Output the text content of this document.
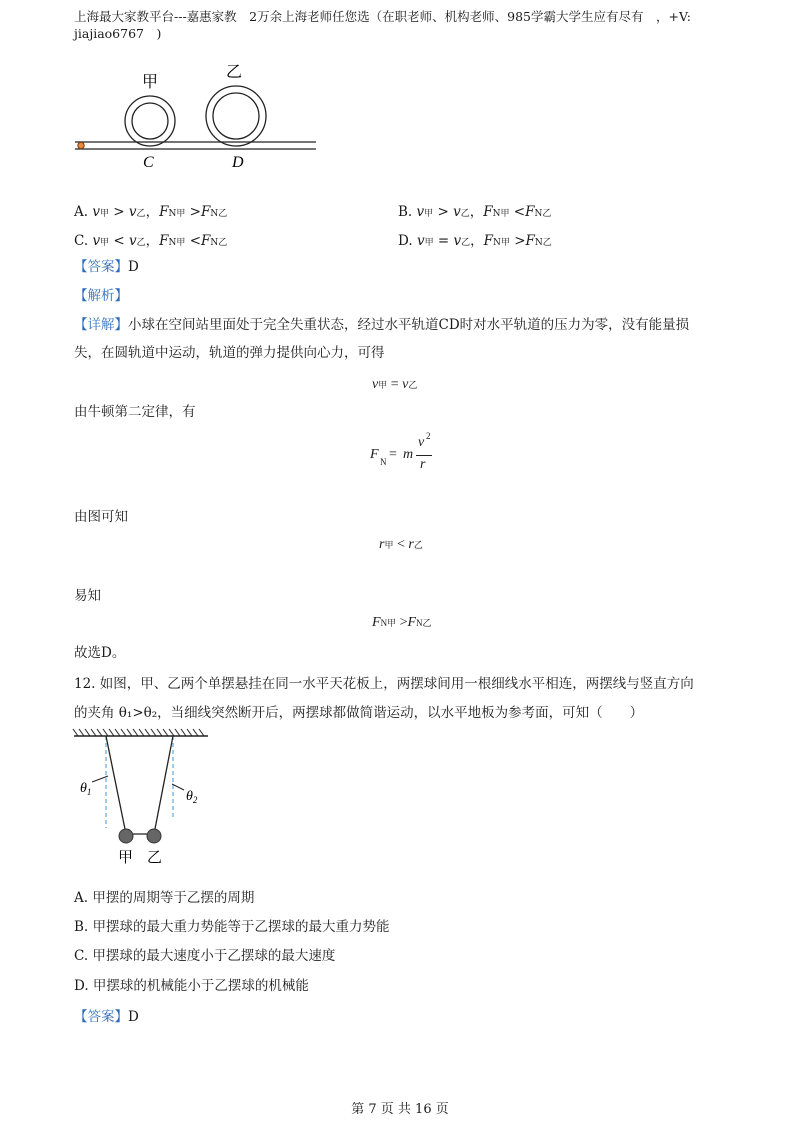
上海最大家教平台---嘉惠家教　2万余上海老师任您选（在职老师、机构老师、985学霸大学生应有尽有　，+V:
jiajiao6767　)
甲
乙
C	D
A. v甲 > v乙，FN甲 >FN乙	B. v甲 > v乙，FN甲 <FN乙
C. v甲 < v乙，FN甲 <FN乙	D. v甲 = v乙，FN甲 >FN乙
【答案】D
【解析】
【详解】小球在空间站里面处于完全失重状态，经过水平轨道CD时对水平轨道的压力为零，没有能量损
失，在圆轨道中运动，轨道的弹力提供向心力，可得
v甲 = v乙
由牛顿第二定律，有
F N = m
v 2
r
由图可知
r甲 < r乙
易知
FN甲 >FN乙
故选D。
12. 如图，甲、乙两个单摆悬挂在同一水平天花板上，两摆球间用一根细线水平相连，两摆线与竖直方向
的夹角 θ₁>θ₂，当细线突然断开后，两摆球都做简谐运动，以水平地板为参考面，可知（　　）
$\theta_1$	$\theta_2$
甲 乙
A. 甲摆的周期等于乙摆的周期
B. 甲摆球的最大重力势能等于乙摆球的最大重力势能
C. 甲摆球的最大速度小于乙摆球的最大速度
D. 甲摆球的机械能小于乙摆球的机械能
【答案】D
第 7 页 共 16 页
